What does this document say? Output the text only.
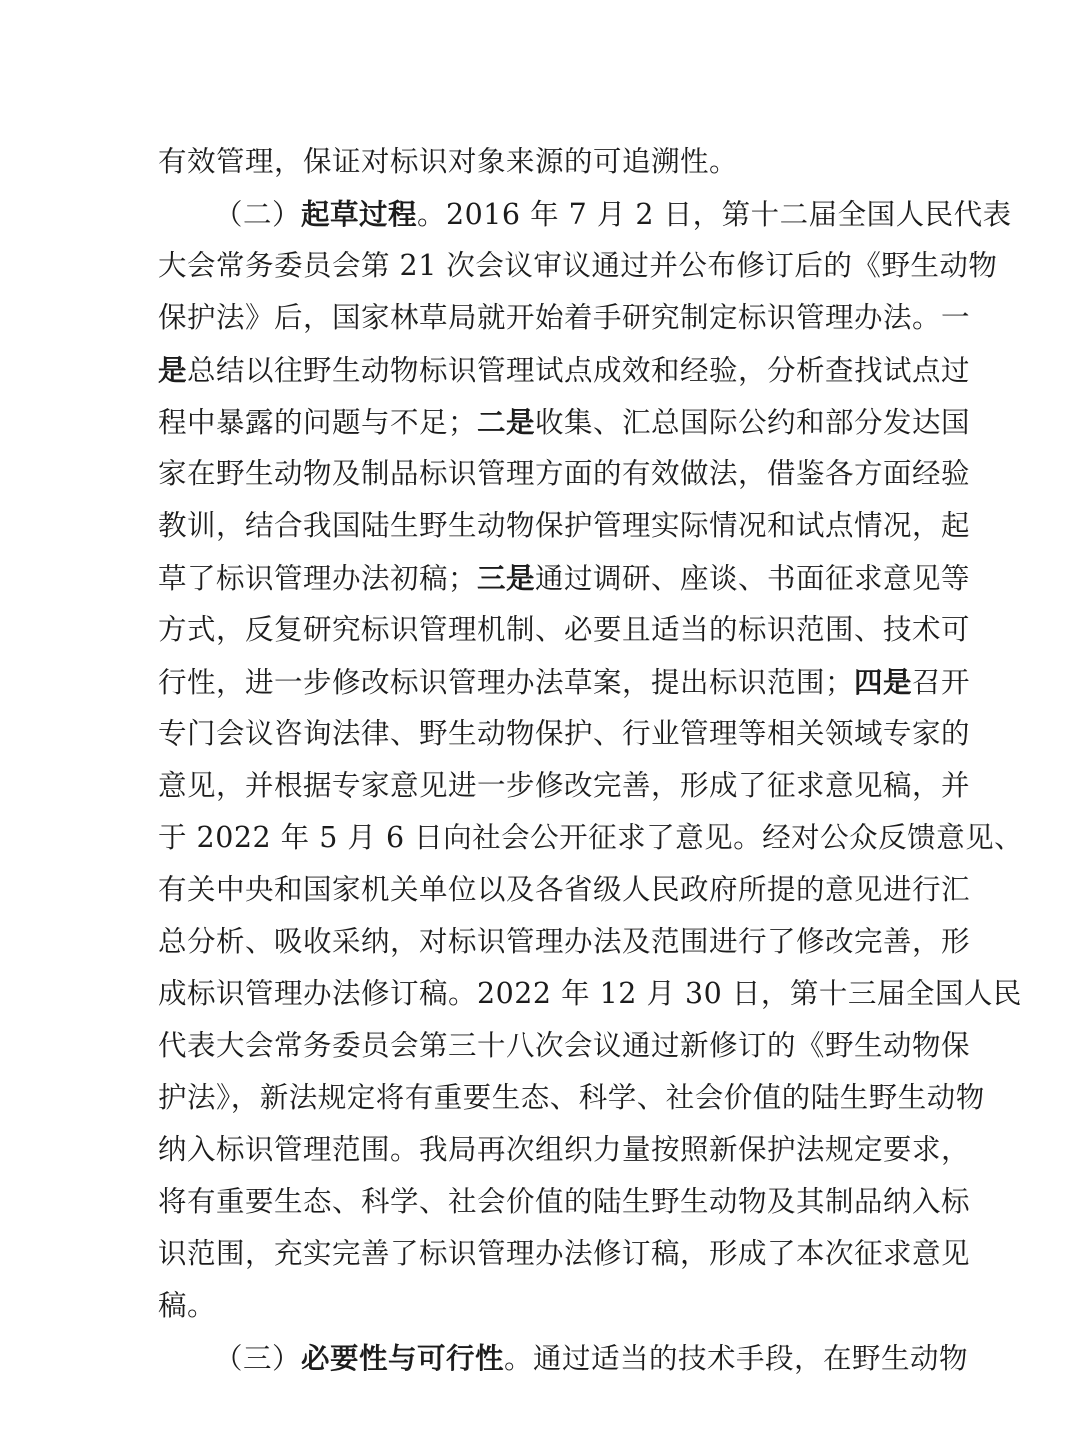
有效管理，保证对标识对象来源的可追溯性。
（二）起草过程。2016 年 7 月 2 日，第十二届全国人民代表
大会常务委员会第 21 次会议审议通过并公布修订后的《野生动物
保护法》后，国家林草局就开始着手研究制定标识管理办法。一
是总结以往野生动物标识管理试点成效和经验，分析查找试点过
程中暴露的问题与不足；二是收集、汇总国际公约和部分发达国
家在野生动物及制品标识管理方面的有效做法，借鉴各方面经验
教训，结合我国陆生野生动物保护管理实际情况和试点情况，起
草了标识管理办法初稿；三是通过调研、座谈、书面征求意见等
方式，反复研究标识管理机制、必要且适当的标识范围、技术可
行性，进一步修改标识管理办法草案，提出标识范围；四是召开
专门会议咨询法律、野生动物保护、行业管理等相关领域专家的
意见，并根据专家意见进一步修改完善，形成了征求意见稿，并
于 2022 年 5 月 6 日向社会公开征求了意见。经对公众反馈意见、
有关中央和国家机关单位以及各省级人民政府所提的意见进行汇
总分析、吸收采纳，对标识管理办法及范围进行了修改完善，形
成标识管理办法修订稿。2022 年 12 月 30 日，第十三届全国人民
代表大会常务委员会第三十八次会议通过新修订的《野生动物保
护法》，新法规定将有重要生态、科学、社会价值的陆生野生动物
纳入标识管理范围。我局再次组织力量按照新保护法规定要求，
将有重要生态、科学、社会价值的陆生野生动物及其制品纳入标
识范围，充实完善了标识管理办法修订稿，形成了本次征求意见
稿。
（三）必要性与可行性。通过适当的技术手段，在野生动物
